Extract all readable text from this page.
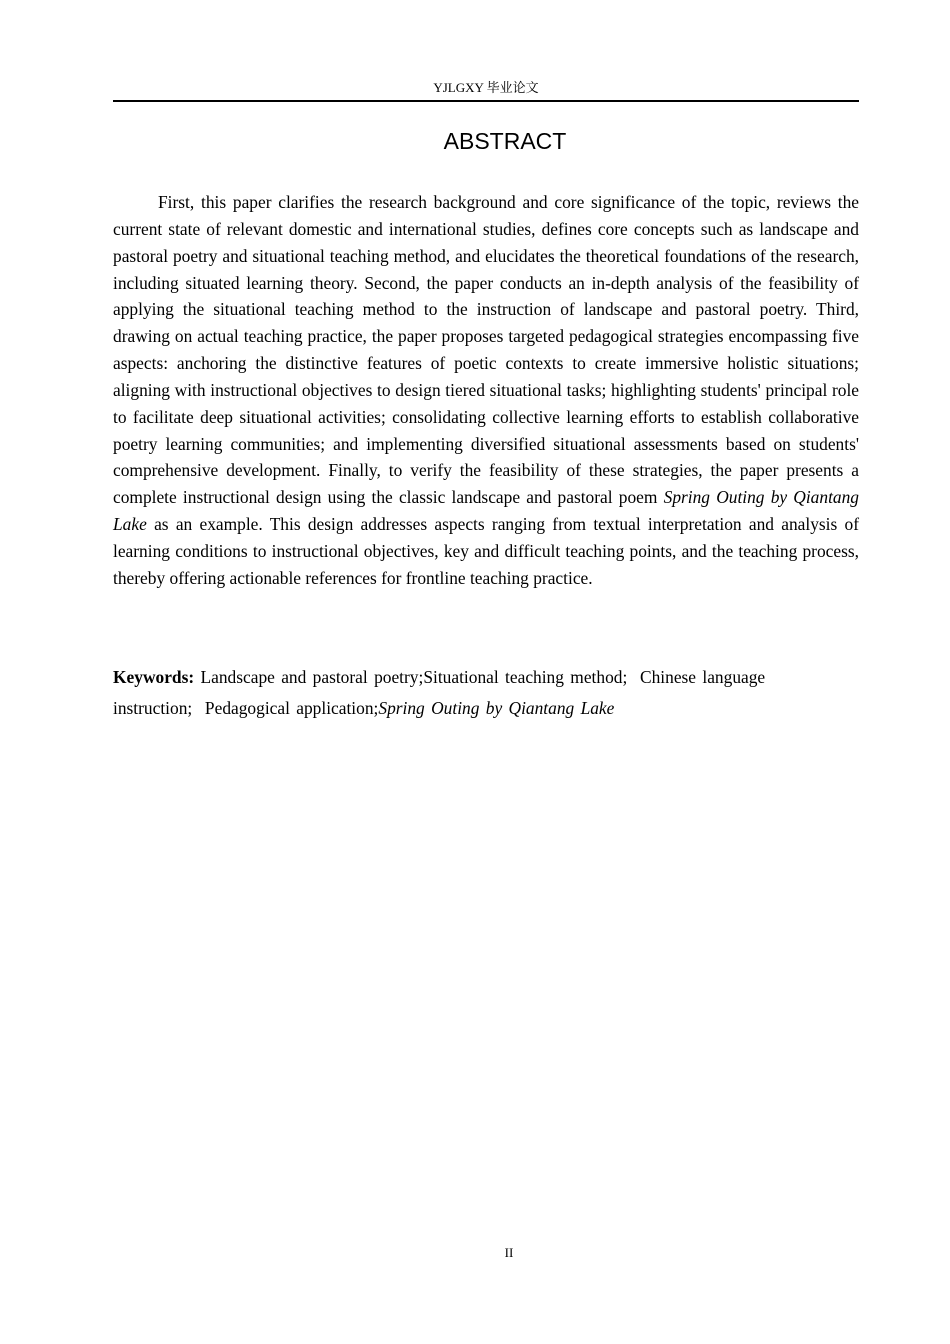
YJLGXY 毕业论文
ABSTRACT

First, this paper clarifies the research background and core significance of the topic, reviews the current state of relevant domestic and international studies, defines core concepts such as landscape and pastoral poetry and situational teaching method, and elucidates the theoretical foundations of the research, including situated learning theory. Second, the paper conducts an in-depth analysis of the feasibility of applying the situational teaching method to the instruction of landscape and pastoral poetry. Third, drawing on actual teaching practice, the paper proposes targeted pedagogical strategies encompassing five aspects: anchoring the distinctive features of poetic contexts to create immersive holistic situations; aligning with instructional objectives to design tiered situational tasks; highlighting students' principal role to facilitate deep situational activities; consolidating collective learning efforts to establish collaborative poetry learning communities; and implementing diversified situational assessments based on students' comprehensive development. Finally, to verify the feasibility of these strategies, the paper presents a complete instructional design using the classic landscape and pastoral poem Spring Outing by Qiantang Lake as an example. This design addresses aspects ranging from textual interpretation and analysis of learning conditions to instructional objectives, key and difficult teaching points, and the teaching process, thereby offering actionable references for frontline teaching practice.

Keywords: Landscape and pastoral poetry;Situational teaching method;  Chinese language instruction;  Pedagogical application;Spring Outing by Qiantang Lake

II
